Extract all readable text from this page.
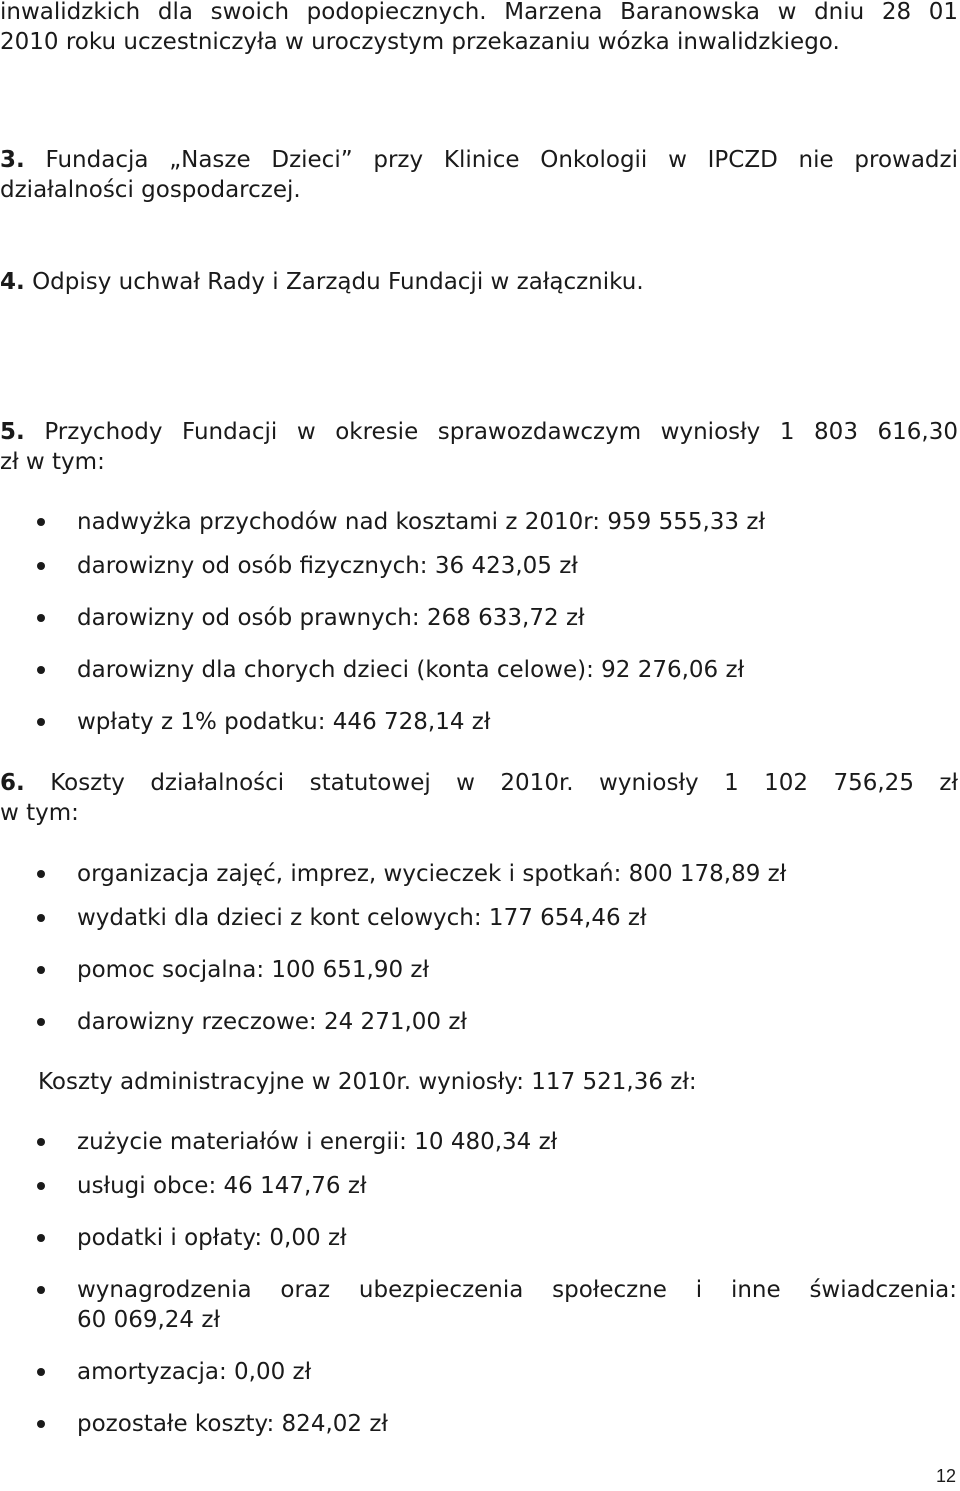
inwalidzkich dla swoich podopiecznych. Marzena Baranowska w dniu 28 01
2010 roku uczestniczyła w uroczystym przekazaniu wózka inwalidzkiego.

3. Fundacja „Nasze Dzieci” przy Klinice Onkologii w IPCZD nie prowadzi
działalności gospodarczej.

4. Odpisy uchwał Rady i Zarządu Fundacji w załączniku.

5. Przychody Fundacji w okresie sprawozdawczym wyniosły 1 803 616,30
zł w tym:

nadwyżka przychodów nad kosztami z 2010r: 959 555,33 zł
darowizny od osób fizycznych: 36 423,05 zł
darowizny od osób prawnych: 268 633,72 zł
darowizny dla chorych dzieci (konta celowe): 92 276,06 zł
wpłaty z 1% podatku: 446 728,14 zł

6. Koszty działalności statutowej w 2010r. wyniosły 1 102 756,25 zł
w tym:

organizacja zajęć, imprez, wycieczek i spotkań: 800 178,89 zł
wydatki dla dzieci z kont celowych: 177 654,46 zł
pomoc socjalna: 100 651,90 zł
darowizny rzeczowe: 24 271,00 zł

Koszty administracyjne w 2010r. wyniosły: 117 521,36 zł:

zużycie materiałów i energii: 10 480,34 zł
usługi obce: 46 147,76 zł
podatki i opłaty: 0,00 zł
wynagrodzenia oraz ubezpieczenia społeczne i inne świadczenia:
60 069,24 zł
amortyzacja: 0,00 zł
pozostałe koszty: 824,02 zł
12
